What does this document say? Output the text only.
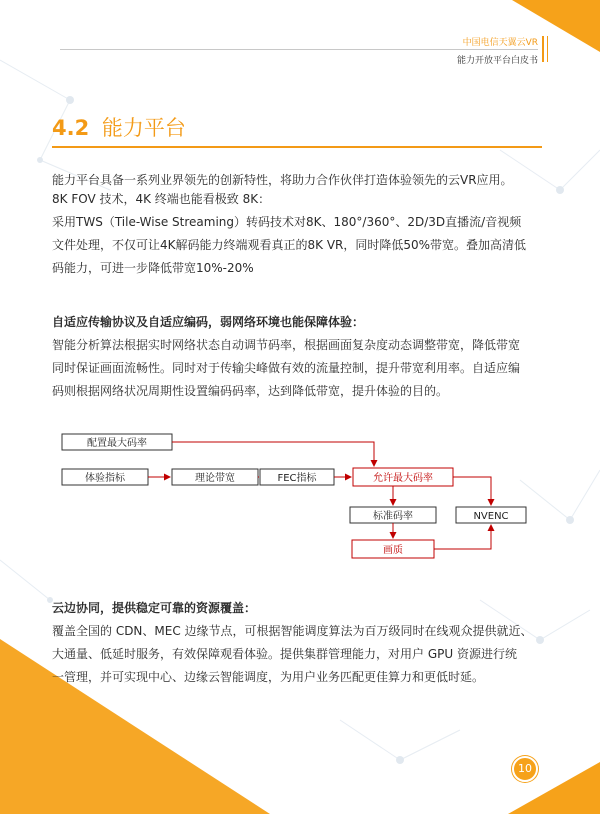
中国电信天翼云VR
能力开放平台白皮书
4.2 能力平台

能力平台具备一系列业界领先的创新特性，将助力合作伙伴打造体验领先的云VR应用。

8K FOV 技术，4K 终端也能看极致 8K：
采用TWS（Tile-Wise Streaming）转码技术对8K、180°/360°、2D/3D直播流/音视频
文件处理，不仅可让4K解码能力终端观看真正的8K VR，同时降低50%带宽。叠加高清低
码能力，可进一步降低带宽10%-20%
自适应传输协议及自适应编码，弱网络环境也能保障体验：
智能分析算法根据实时网络状态自动调节码率，根据画面复杂度动态调整带宽，降低带宽
同时保证画面流畅性。同时对于传输尖峰做有效的流量控制，提升带宽利用率。自适应编
码则根据网络状况周期性设置编码码率，达到降低带宽，提升体验的目的。
配置最大码率
体验指标	理论带宽	FEC指标	允许最大码率
标准码率	NVENC
画质
云边协同，提供稳定可靠的资源覆盖：
覆盖全国的 CDN、MEC 边缘节点，可根据智能调度算法为百万级同时在线观众提供就近、
大通量、低延时服务，有效保障观看体验。提供集群管理能力，对用户 GPU 资源进行统
一管理，并可实现中心、边缘云智能调度，为用户业务匹配更佳算力和更低时延。
10
